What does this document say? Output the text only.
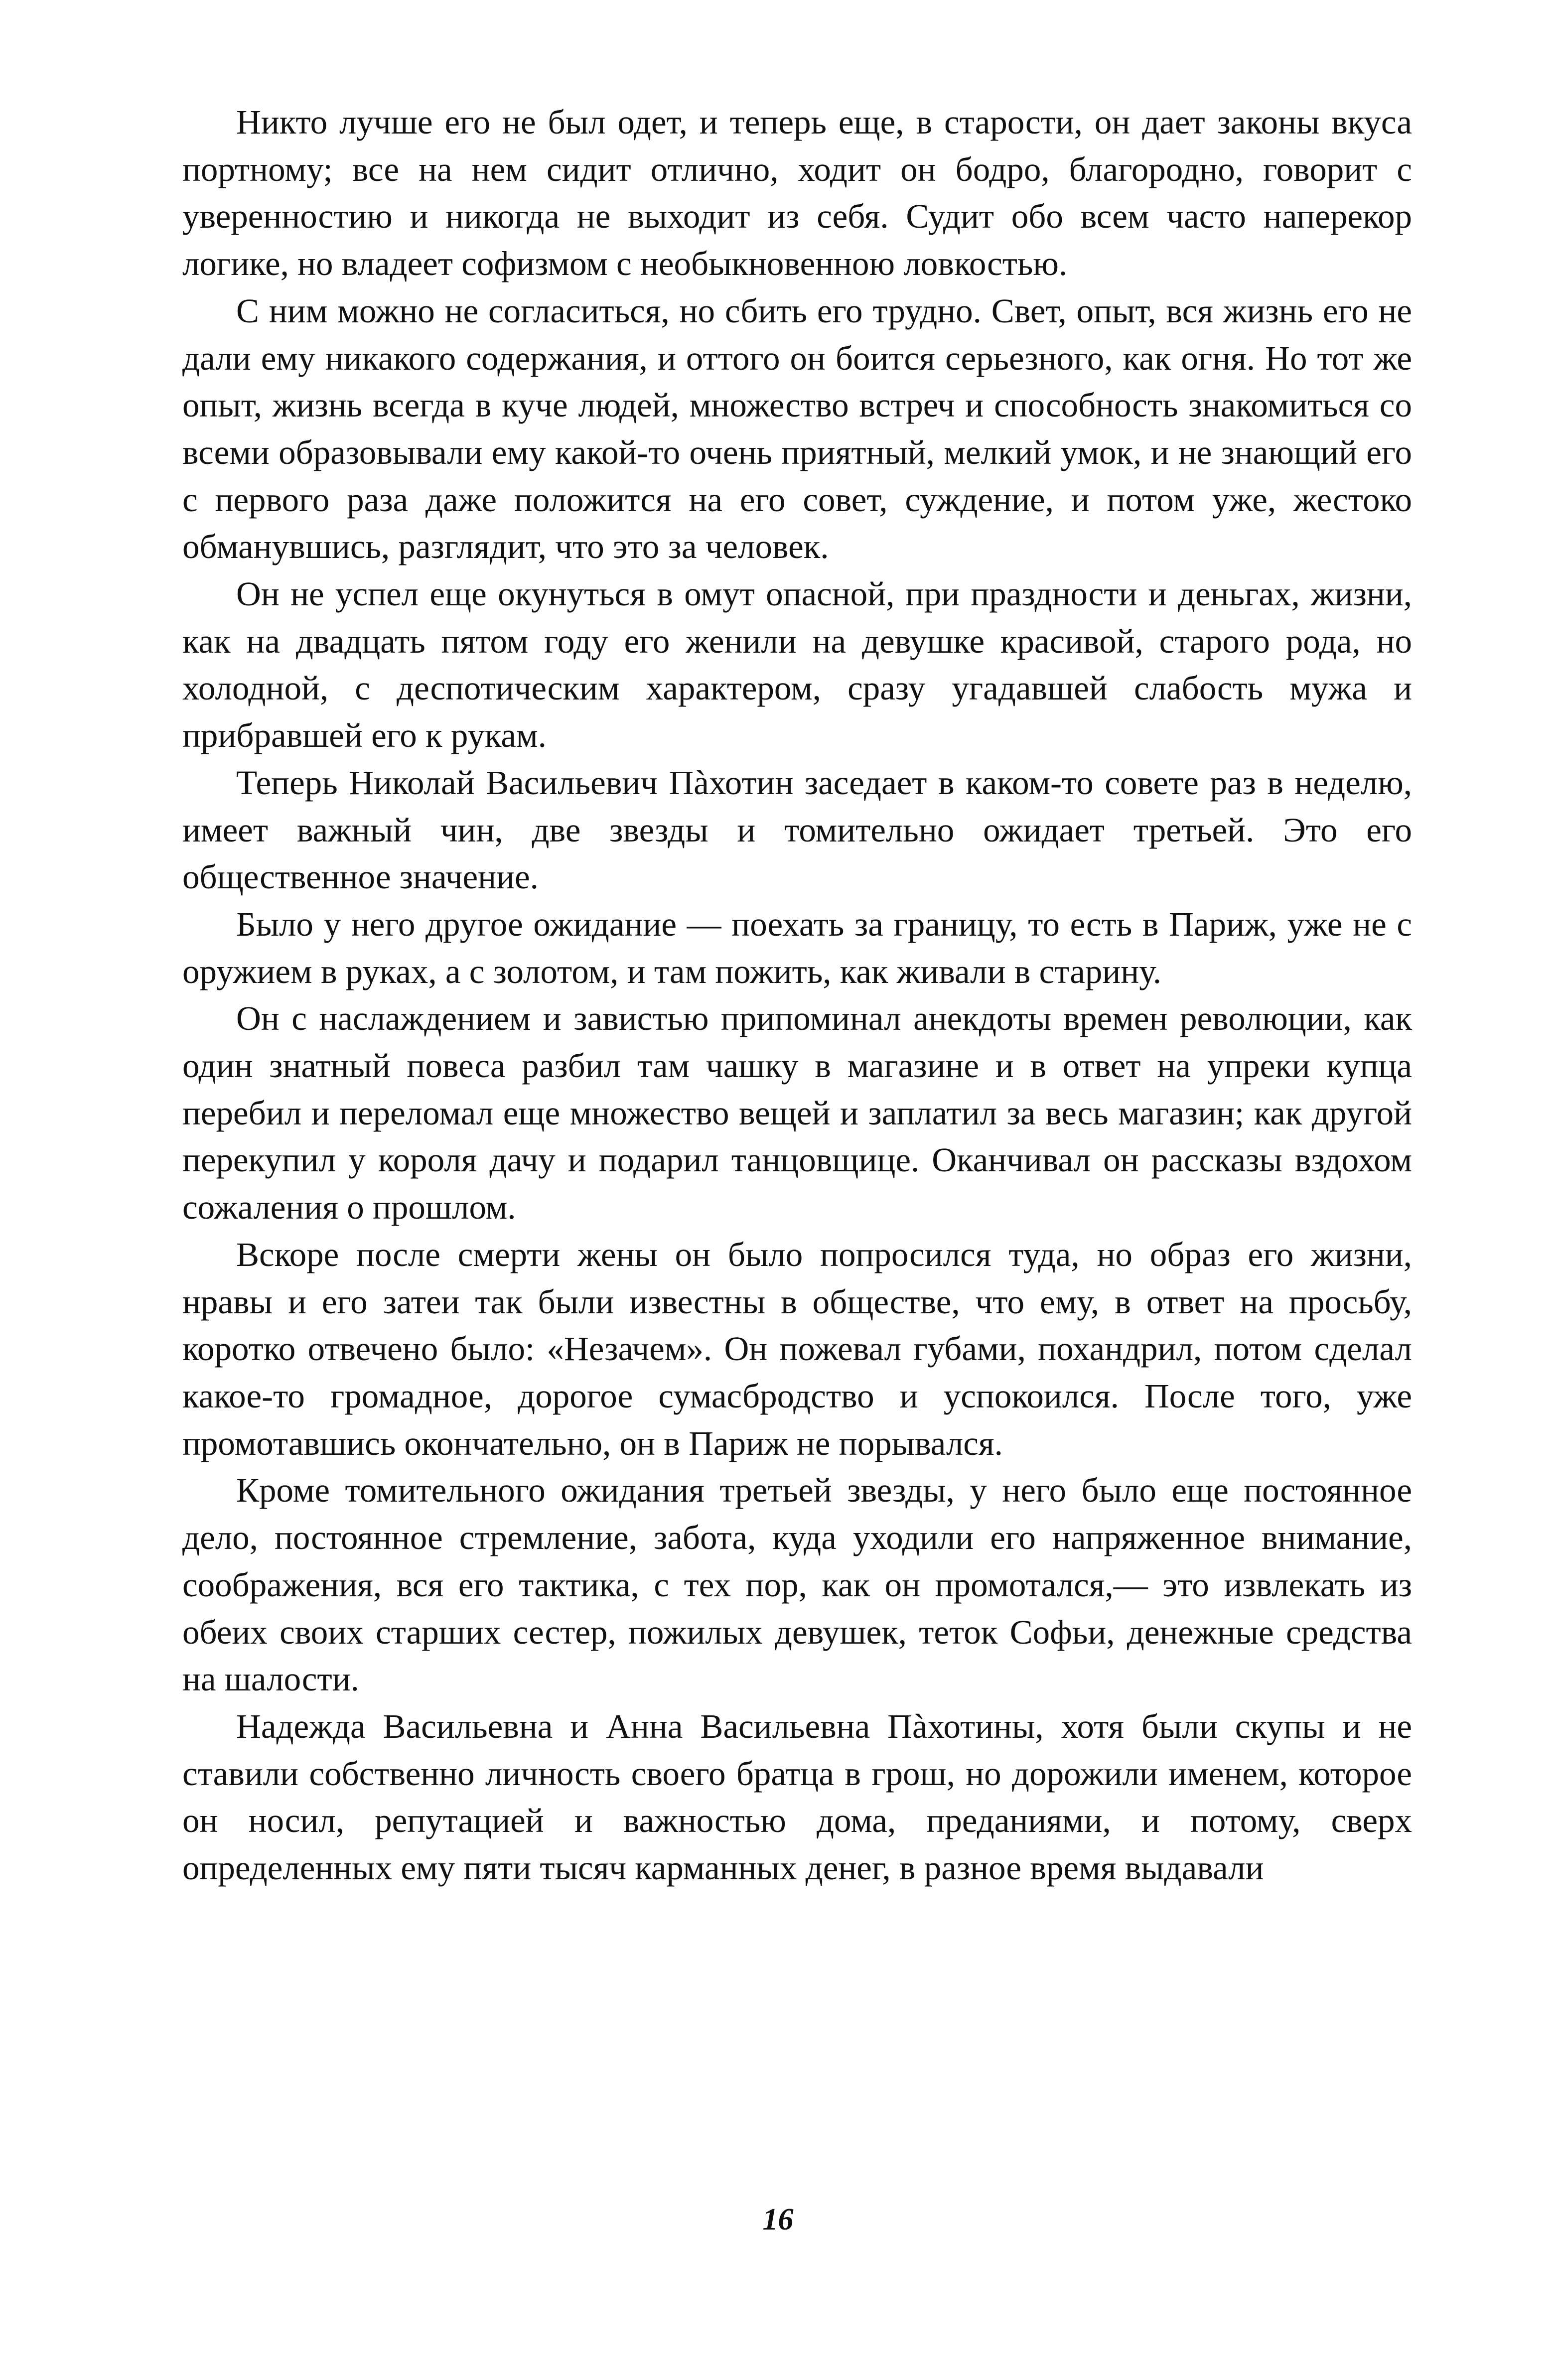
Никто лучше его не был одет, и теперь еще, в старости, он дает законы вкуса портному; все на нем сидит отлично, ходит он бодро, благородно, говорит с уверенностию и никогда не выходит из себя. Судит обо всем часто наперекор логике, но владеет софизмом с необыкновенною ловкостью.

С ним можно не согласиться, но сбить его трудно. Свет, опыт, вся жизнь его не дали ему никакого содержания, и оттого он боится серьезного, как огня. Но тот же опыт, жизнь всегда в куче людей, множество встреч и способность знакомиться со всеми образовывали ему какой-то очень приятный, мелкий умок, и не знающий его с первого раза даже положится на его совет, суждение, и потом уже, жестоко обманувшись, разглядит, что это за человек.

Он не успел еще окунуться в омут опасной, при праздности и деньгах, жизни, как на двадцать пятом году его женили на девушке красивой, старого рода, но холодной, с деспотическим характером, сразу угадавшей слабость мужа и прибравшей его к рукам.

Теперь Николай Васильевич Пàхотин заседает в каком-то совете раз в неделю, имеет важный чин, две звезды и томительно ожидает третьей. Это его общественное значение.

Было у него другое ожидание — поехать за границу, то есть в Париж, уже не с оружием в руках, а с золотом, и там пожить, как живали в старину.

Он с наслаждением и завистью припоминал анекдоты времен революции, как один знатный повеса разбил там чашку в магазине и в ответ на упреки купца перебил и переломал еще множество вещей и заплатил за весь магазин; как другой перекупил у короля дачу и подарил танцовщице. Оканчивал он рассказы вздохом сожаления о прошлом.

Вскоре после смерти жены он было попросился туда, но образ его жизни, нравы и его затеи так были известны в обществе, что ему, в ответ на просьбу, коротко отвечено было: «Незачем». Он пожевал губами, похандрил, потом сделал какое-то громадное, дорогое сумасбродство и успокоился. После того, уже промотавшись окончательно, он в Париж не порывался.

Кроме томительного ожидания третьей звезды, у него было еще постоянное дело, постоянное стремление, забота, куда уходили его напряженное внимание, соображения, вся его тактика, с тех пор, как он промотался,— это извлекать из обеих своих старших сестер, пожилых девушек, теток Софьи, денежные средства на шалости.

Надежда Васильевна и Анна Васильевна Пàхотины, хотя были скупы и не ставили собственно личность своего братца в грош, но дорожили именем, которое он носил, репутацией и важностью дома, преданиями, и потому, сверх определенных ему пяти тысяч карманных денег, в разное время выдавали

16
